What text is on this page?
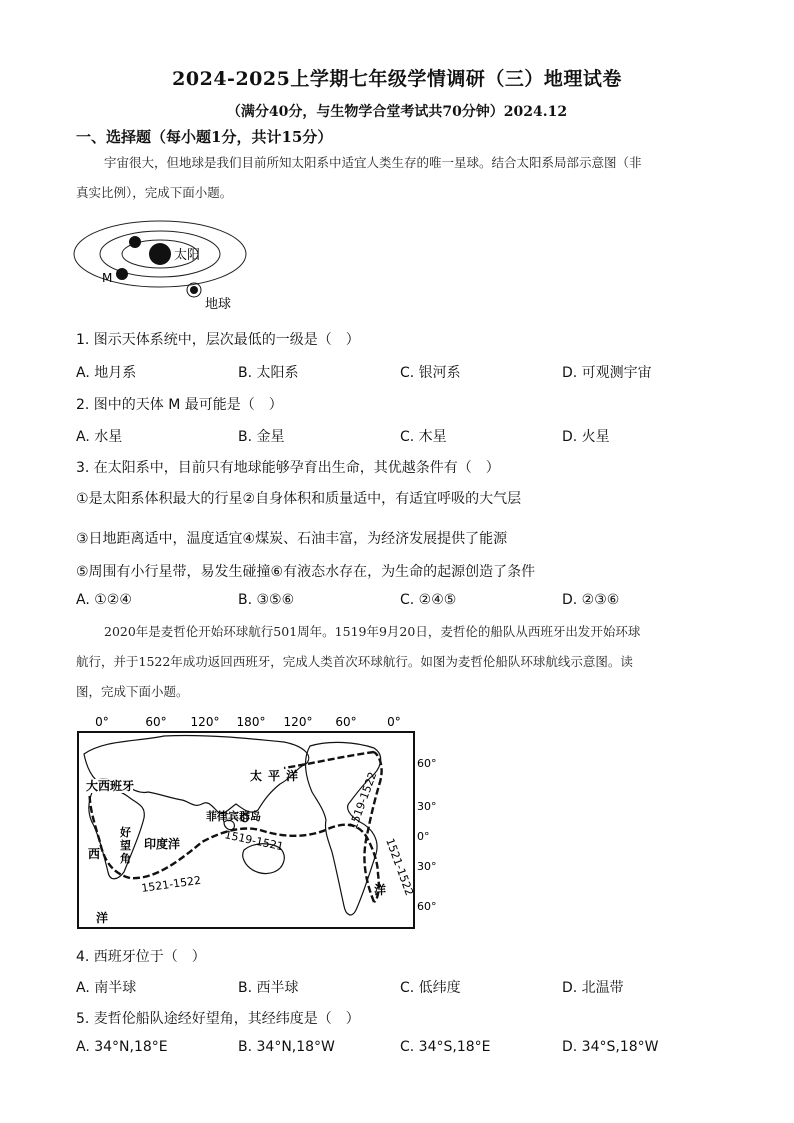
2024-2025上学期七年级学情调研（三）地理试卷
（满分40分，与生物学合堂考试共70分钟）2024.12
一、选择题（每小题1分，共计15分）
宇宙很大，但地球是我们目前所知太阳系中适宜人类生存的唯一星球。结合太阳系局部示意图（非
真实比例），完成下面小题。
太阳
M
地球
1. 图示天体系统中，层次最低的一级是（　）
A. 地月系	B. 太阳系	C. 银河系	D. 可观测宇宙
2. 图中的天体 M 最可能是（　）
A. 水星	B. 金星	C. 木星	D. 火星
3. 在太阳系中，目前只有地球能够孕育出生命，其优越条件有（　）
①是太阳系体积最大的行星②自身体积和质量适中，有适宜呼吸的大气层
③日地距离适中，温度适宜④煤炭、石油丰富，为经济发展提供了能源
⑤周围有小行星带，易发生碰撞⑥有液态水存在，为生命的起源创造了条件
A. ①②④	B. ③⑤⑥	C. ②④⑤	D. ②③⑥
2020年是麦哲伦开始环球航行501周年。1519年9月20日，麦哲伦的船队从西班牙出发开始环球
航行，并于1522年成功返回西班牙，完成人类首次环球航行。如图为麦哲伦船队环球航线示意图。读
图，完成下面小题。
0°	60° 120° 180° 120° 60°	0°
60°
30°
0°
30°
60°
大 西班牙
太平洋
菲律宾群岛
1519-1521
好
望
角
印度洋
西
洋
1521-1522
1519-1522
1521-1522
洋
4. 西班牙位于（　）
A. 南半球	B. 西半球	C. 低纬度	D. 北温带
5. 麦哲伦船队途经好望角，其经纬度是（　）
A. 34°N,18°E	B. 34°N,18°W	C. 34°S,18°E	D. 34°S,18°W
